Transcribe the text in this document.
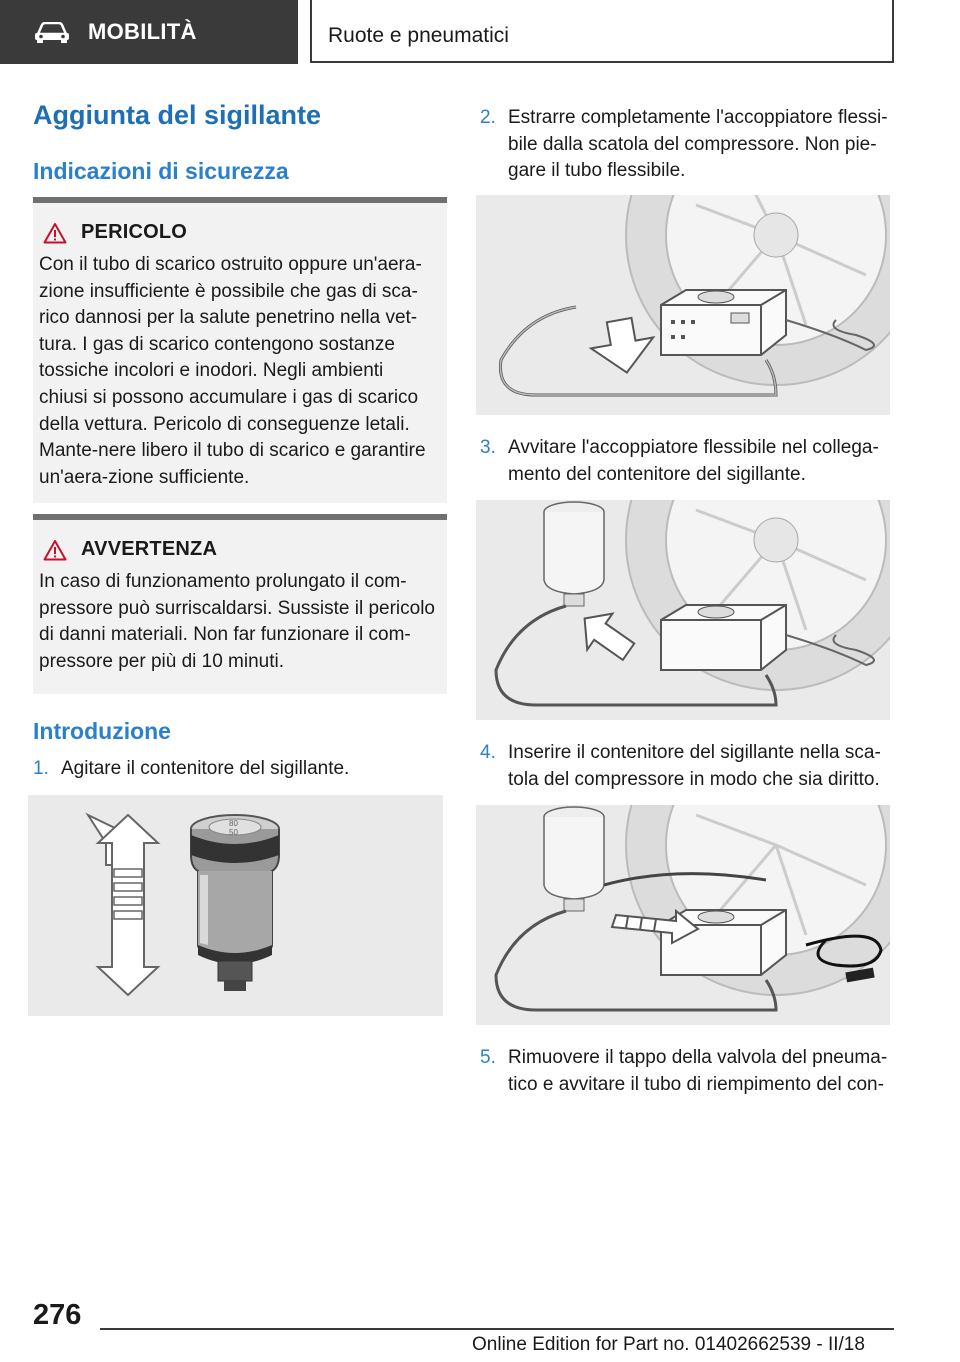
MOBILITÀ	Ruote e pneumatici
Aggiunta del sigillante
Indicazioni di sicurezza
PERICOLO

Con il tubo di scarico ostruito oppure un'aera-zione insufficiente è possibile che gas di sca-rico dannosi per la salute penetrino nella vet-tura. I gas di scarico contengono sostanze tossiche incolori e inodori. Negli ambienti chiusi si possono accumulare i gas di scarico della vettura. Pericolo di conseguenze letali. Mante-nere libero il tubo di scarico e garantire un'aera-zione sufficiente.

AVVERTENZA

In caso di funzionamento prolungato il com-pressore può surriscaldarsi. Sussiste il pericolo di danni materiali. Non far funzionare il com-pressore per più di 10 minuti.

Introduzione
1. Agitare il contenitore del sigillante.
80
50
2. Estrarre completamente l'accoppiatore flessi-bile dalla scatola del compressore. Non pie-gare il tubo flessibile.
3. Avvitare l'accoppiatore flessibile nel collega-mento del contenitore del sigillante.
4. Inserire il contenitore del sigillante nella sca-tola del compressore in modo che sia diritto.
5. Rimuovere il tappo della valvola del pneuma-tico e avvitare il tubo di riempimento del con-
276
Online Edition for Part no. 01402662539 - II/18
